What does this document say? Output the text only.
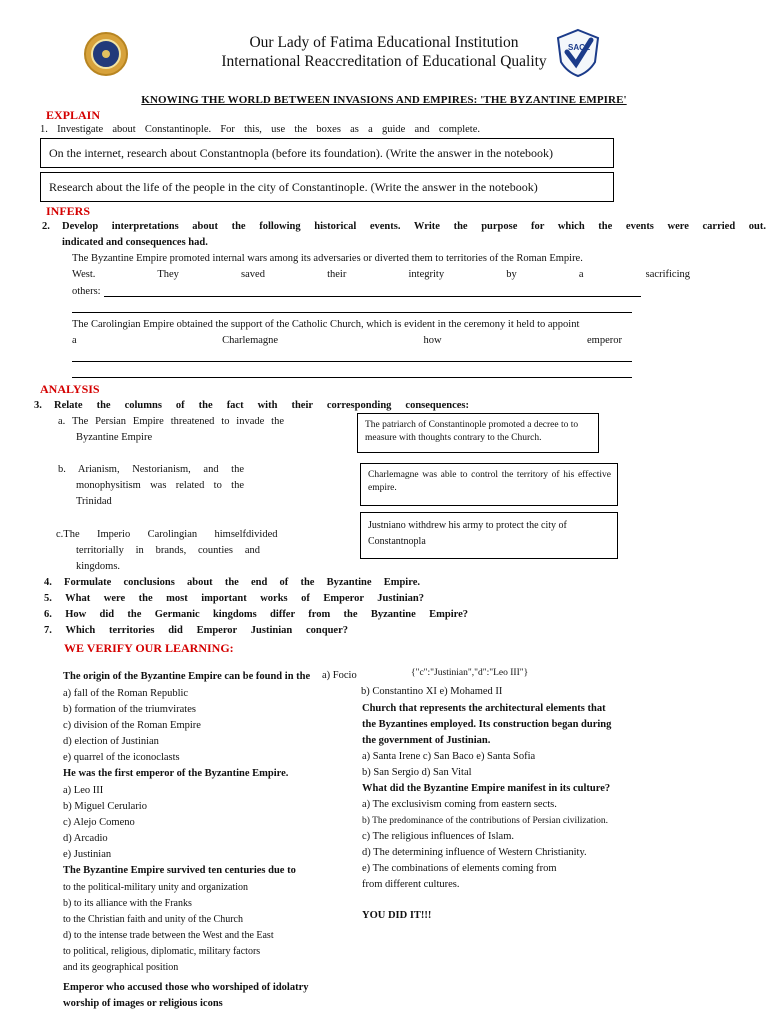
Our Lady of Fatima Educational Institution
International Reaccreditation of Educational Quality
SACE
KNOWING THE WORLD BETWEEN INVASIONS AND EMPIRES: 'THE BYZANTINE EMPIRE'
EXPLAIN
1. Investigate about Constantinople. For this, use the boxes as a guide and complete.
On the internet, research about Constantnopla (before its foundation). (Write the answer in the notebook)
Research about the life of the people in the city of Constantinople. (Write the answer in the notebook)
INFERS
2. Develop interpretations about the following historical events. Write the purpose for which the events were carried out.
indicated and consequences had.
The Byzantine Empire promoted internal wars among its adversaries or diverted them to territories of the Roman Empire.
West. They saved their integrity by a sacrificing
others:
The Carolingian Empire obtained the support of the Catholic Church, which is evident in the ceremony it held to appoint
a Charlemagne how emperor
ANALYSIS
3. Relate the columns of the fact with their corresponding consequences:
a. The Persian Empire threatened to invade the
Byzantine Empire
b. Arianism, Nestorianism, and the
monophysitism was related to the
Trinidad
c.The Imperio Carolingian himself divided
territorially in brands, counties and
kingdoms.
The patriarch of Constantinople promoted a decree to to measure with thoughts contrary to the Church.
Charlemagne was able to control the territory of his effective empire.
Justniano withdrew his army to protect the city of Constantnopla
4. Formulate conclusions about the end of the Byzantine Empire.
5. What were the most important works of Emperor Justinian?
6. How did the Germanic kingdoms differ from the Byzantine Empire?
7. Which territories did Emperor Justinian conquer?
WE VERIFY OUR LEARNING:
The origin of the Byzantine Empire can be found in the
a) fall of the Roman Republic
b) formation of the triumvirates
c) division of the Roman Empire
d) election of Justinian
e) quarrel of the iconoclasts
He was the first emperor of the Byzantine Empire.
a) Leo III
b) Miguel Cerulario
c) Alejo Comeno
d) Arcadio
e) Justinian
The Byzantine Empire survived ten centuries due to
to the political-military unity and organization
b) to its alliance with the Franks
to the Christian faith and unity of the Church
d) to the intense trade between the West and the East
to political, religious, diplomatic, military factors
and its geographical position
Emperor who accused those who worshiped of idolatry
worship of images or religious icons
a) Focio	{"c":"Justinian","d":"Leo III"}
b) Constantino XI e) Mohamed II
Church that represents the architectural elements that
the Byzantines employed. Its construction began during
the government of Justinian.
a) Santa Irene c) San Baco e) Santa Sofia
b) San Sergio d) San Vital
What did the Byzantine Empire manifest in its culture?
a) The exclusivism coming from eastern sects.
b) The predominance of the contributions of Persian civilization.
c) The religious influences of Islam.
d) The determining influence of Western Christianity.
e) The combinations of elements coming from
from different cultures.
YOU DID IT!!!
